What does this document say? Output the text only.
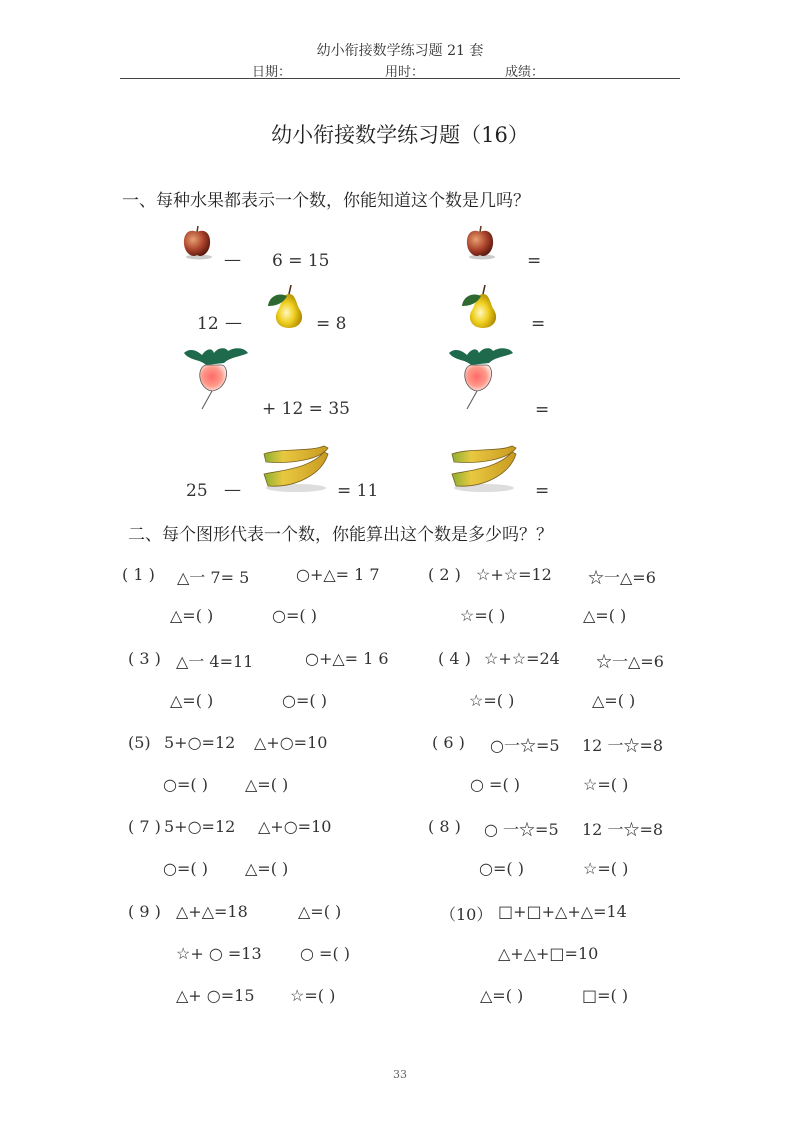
幼小衔接数学练习题 21 套
日期：	用时：	成绩：
幼小衔接数学练习题（16）
一、每种水果都表示一个数，你能知道这个数是几吗？
— 6 = 15	=
12 —	= 8	=
+ 12 = 35	=
25 —	= 11	=
二、每个图形代表一个数，你能算出这个数是多少吗？？
( 1 ) △一 7= 5	○+△= 1 7
△=( )	○=( )
( 2 ) ☆+☆=12 ☆一△=6
☆=( )	△=( )
( 3 ) △一 4=11	○+△= 1 6
△=( )	○=( )
( 4 ) ☆+☆=24 ☆一△=6
☆=( )	△=( )
(5) 5+○=12 △+○=10
○=( ) △=( )
( 6 ) ○一☆=5 12 一☆=8
○ =( )	☆=( )
( 7 ) 5+○=12 △+○=10
○=( ) △=( )
( 8 ) ○ 一☆=5 12 一☆=8
○=( )	☆=( )
( 9 ) △+△=18	△=( )
☆+ ○ =13 ○ =( )
△+ ○=15 ☆=( )
（10） □+□+△+△=14
△+△+□=10
△=( )	□=( )
33
